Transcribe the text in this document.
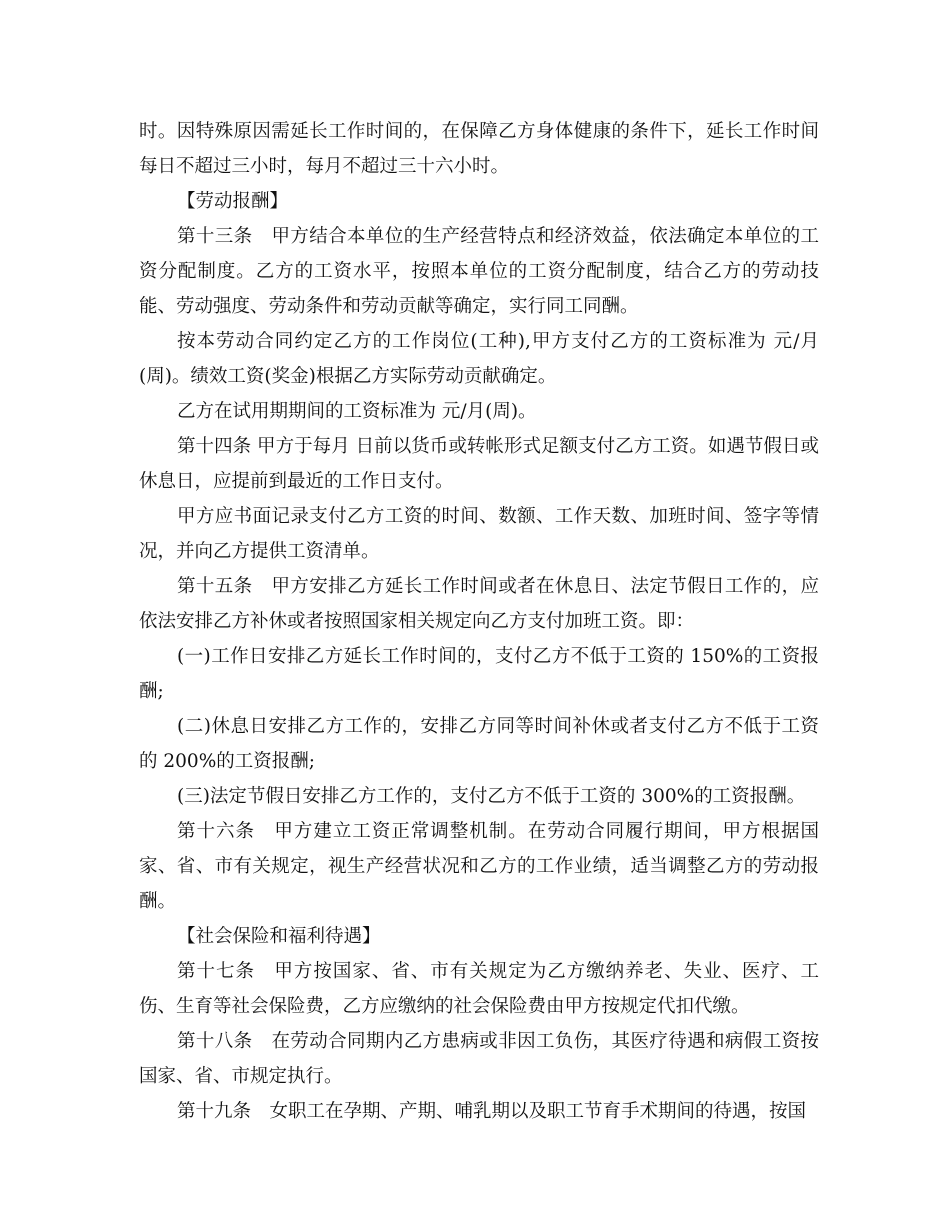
时。因特殊原因需延长工作时间的，在保障乙方身体健康的条件下，延长工作时间每日不超过三小时，每月不超过三十六小时。

【劳动报酬】

第十三条　甲方结合本单位的生产经营特点和经济效益，依法确定本单位的工资分配制度。乙方的工资水平，按照本单位的工资分配制度，结合乙方的劳动技能、劳动强度、劳动条件和劳动贡献等确定，实行同工同酬。

按本劳动合同约定乙方的工作岗位(工种),甲方支付乙方的工资标准为 元/月(周)。绩效工资(奖金)根据乙方实际劳动贡献确定。

乙方在试用期期间的工资标准为 元/月(周)。

第十四条 甲方于每月 日前以货币或转帐形式足额支付乙方工资。如遇节假日或休息日，应提前到最近的工作日支付。

甲方应书面记录支付乙方工资的时间、数额、工作天数、加班时间、签字等情况，并向乙方提供工资清单。

第十五条　甲方安排乙方延长工作时间或者在休息日、法定节假日工作的，应依法安排乙方补休或者按照国家相关规定向乙方支付加班工资。即：

(一)工作日安排乙方延长工作时间的，支付乙方不低于工资的 150%的工资报酬;

(二)休息日安排乙方工作的，安排乙方同等时间补休或者支付乙方不低于工资的 200%的工资报酬;

(三)法定节假日安排乙方工作的，支付乙方不低于工资的 300%的工资报酬。

第十六条　甲方建立工资正常调整机制。在劳动合同履行期间，甲方根据国家、省、市有关规定，视生产经营状况和乙方的工作业绩，适当调整乙方的劳动报酬。

【社会保险和福利待遇】

第十七条　甲方按国家、省、市有关规定为乙方缴纳养老、失业、医疗、工伤、生育等社会保险费，乙方应缴纳的社会保险费由甲方按规定代扣代缴。

第十八条　在劳动合同期内乙方患病或非因工负伤，其医疗待遇和病假工资按国家、省、市规定执行。

第十九条　女职工在孕期、产期、哺乳期以及职工节育手术期间的待遇，按国
